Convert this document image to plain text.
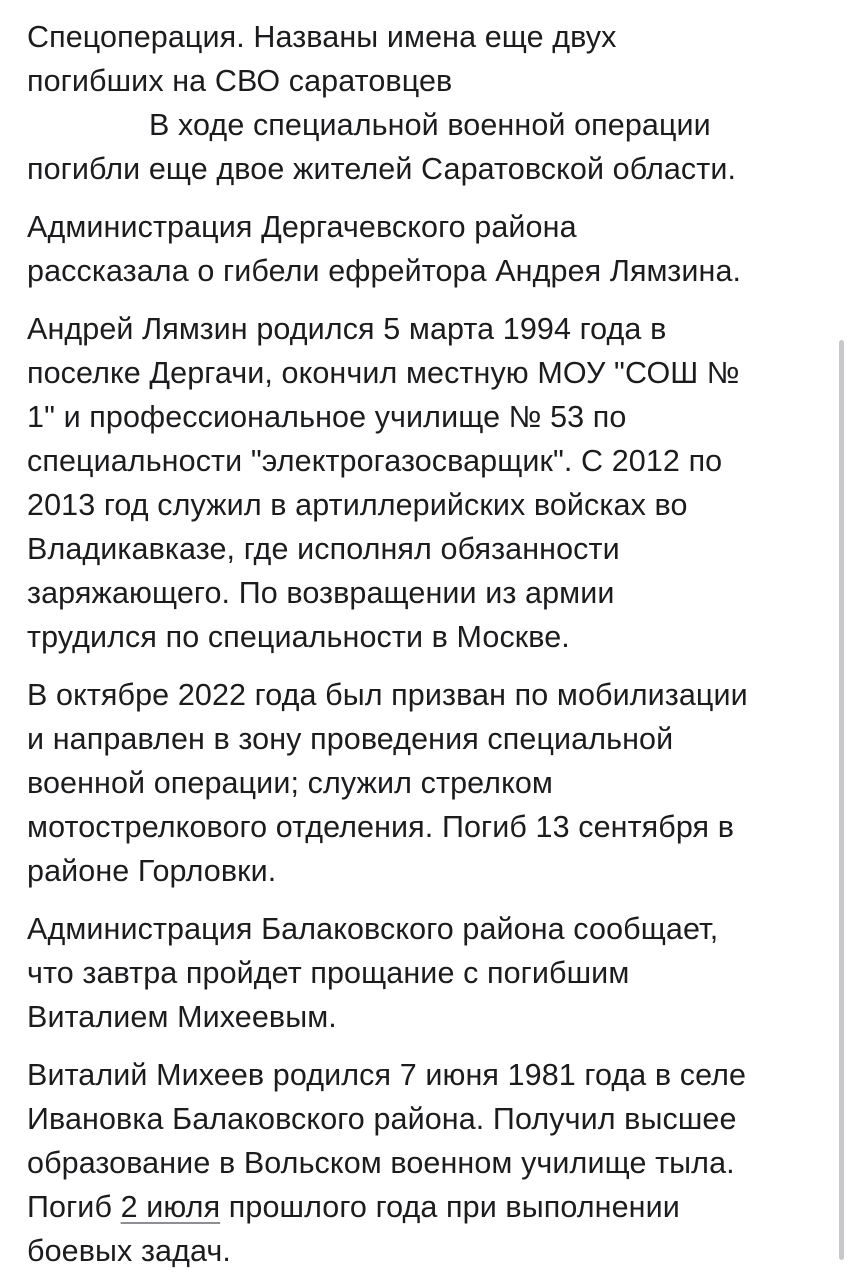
Спецоперация. Названы имена еще двух
погибших на СВО саратовцев
В ходе специальной военной операции
погибли еще двое жителей Саратовской области.
Администрация Дергачевского района
рассказала о гибели ефрейтора Андрея Лямзина.
Андрей Лямзин родился 5 марта 1994 года в
поселке Дергачи, окончил местную МОУ "СОШ №
1" и профессиональное училище № 53 по
специальности "электрогазосварщик". С 2012 по
2013 год служил в артиллерийских войсках во
Владикавказе, где исполнял обязанности
заряжающего. По возвращении из армии
трудился по специальности в Москве.
В октябре 2022 года был призван по мобилизации
и направлен в зону проведения специальной
военной операции; служил стрелком
мотострелкового отделения. Погиб 13 сентября в
районе Горловки.
Администрация Балаковского района сообщает,
что завтра пройдет прощание с погибшим
Виталием Михеевым.
Виталий Михеев родился 7 июня 1981 года в селе
Ивановка Балаковского района. Получил высшее
образование в Вольском военном училище тыла.
Погиб 2 июля прошлого года при выполнении
боевых задач.
